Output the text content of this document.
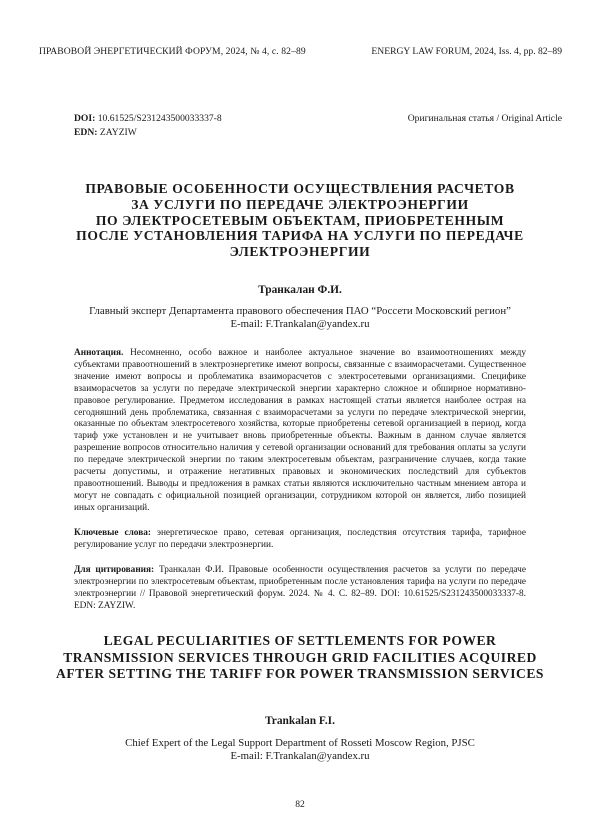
ПРАВОВОЙ ЭНЕРГЕТИЧЕСКИЙ ФОРУМ, 2024, № 4, с. 82–89	ENERGY LAW FORUM, 2024, Iss. 4, pp. 82–89
DOI: 10.61525/S231243500033337-8
EDN: ZAYZIW
Оригинальная статья / Original Article
ПРАВОВЫЕ ОСОБЕННОСТИ ОСУЩЕСТВЛЕНИЯ РАСЧЕТОВ
ЗА УСЛУГИ ПО ПЕРЕДАЧЕ ЭЛЕКТРОЭНЕРГИИ
ПО ЭЛЕКТРОСЕТЕВЫМ ОБЪЕКТАМ, ПРИОБРЕТЕННЫМ
ПОСЛЕ УСТАНОВЛЕНИЯ ТАРИФА НА УСЛУГИ ПО ПЕРЕДАЧЕ
ЭЛЕКТРОЭНЕРГИИ
Транкалан Ф.И.
Главный эксперт Департамента правового обеспечения ПАО “Россети Московский регион”
E-mail: F.Trankalan@yandex.ru
Аннотация. Несомненно, особо важное и наиболее актуальное значение во взаимоотношениях между субъектами правоотношений в электроэнергетике имеют вопросы, связанные с взаиморасчетами. Существенное значение имеют вопросы и проблематика взаиморасчетов с электросетевыми организациями. Специфике взаиморасчетов за услуги по передаче электрической энергии характерно сложное и обширное нормативно-правовое регулирование. Предметом исследования в рамках настоящей статьи является наиболее острая на сегодняшний день проблематика, связанная с взаиморасчетами за услуги по передаче электрической энергии, оказанные по объектам электросетевого хозяйства, которые приобретены сетевой организацией в период, когда тариф уже установлен и не учитывает вновь приобретенные объекты. Важным в данном случае является разрешение вопросов относительно наличия у сетевой организации оснований для требования оплаты за услуги по передаче электрической энергии по таким электросетевым объектам, разграничение случаев, когда такие расчеты допустимы, и отражение негативных правовых и экономических последствий для субъектов правоотношений. Выводы и предложения в рамках статьи являются исключительно частным мнением автора и могут не совпадать с официальной позицией организации, сотрудником которой он является, либо позицией иных организаций.
Ключевые слова: энергетическое право, сетевая организация, последствия отсутствия тарифа, тарифное регулирование услуг по передачи электроэнергии.
Для цитирования: Транкалан Ф.И. Правовые особенности осуществления расчетов за услуги по передаче электроэнергии по электросетевым объектам, приобретенным после установления тарифа на услуги по передаче электроэнергии // Правовой энергетический форум. 2024. № 4. С. 82–89. DOI: 10.61525/S231243500033337-8. EDN: ZAYZIW.
LEGAL PECULIARITIES OF SETTLEMENTS FOR POWER
TRANSMISSION SERVICES THROUGH GRID FACILITIES ACQUIRED
AFTER SETTING THE TARIFF FOR POWER TRANSMISSION SERVICES
Trankalan F.I.
Chief Expert of the Legal Support Department of Rosseti Moscow Region, PJSC
E-mail: F.Trankalan@yandex.ru
82
